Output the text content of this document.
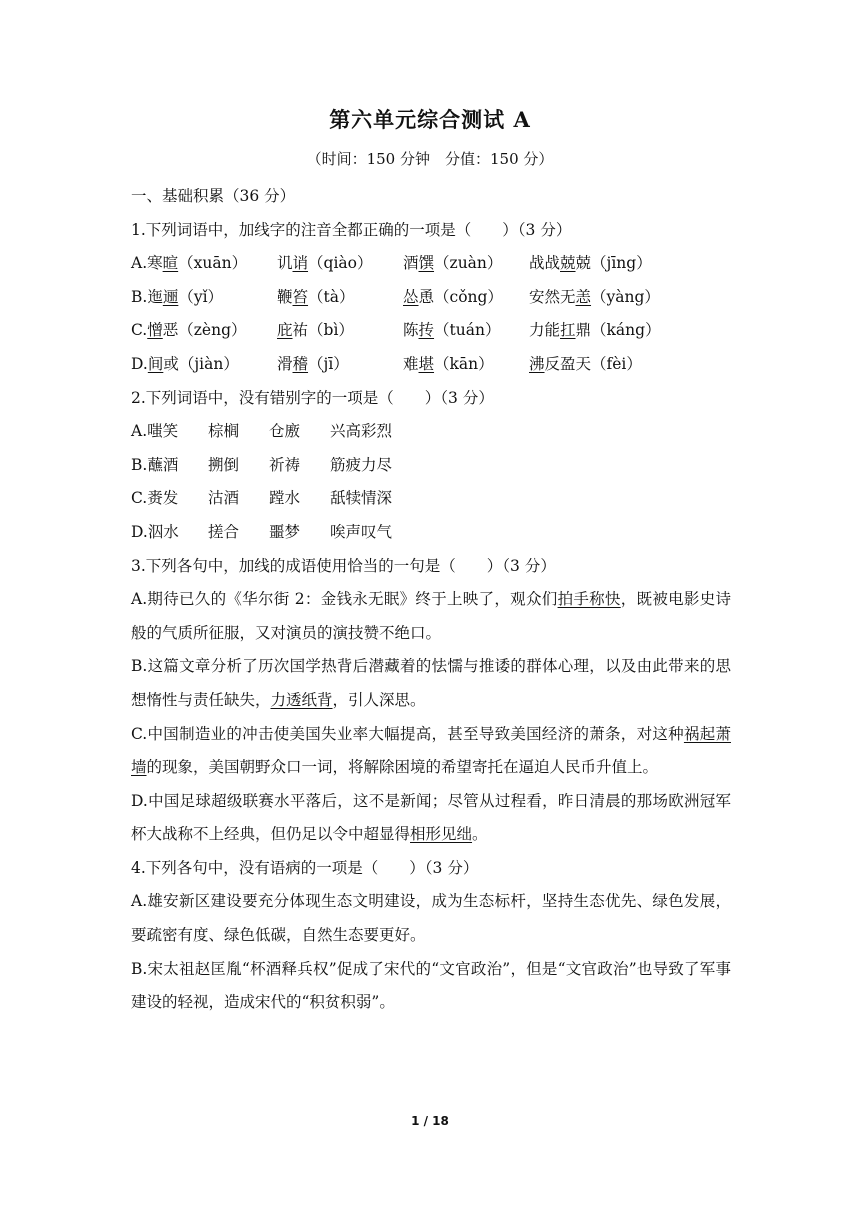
第六单元综合测试 A
（时间：150 分钟　分值：150 分）
一、基础积累（36 分）
1.下列词语中，加线字的注音全都正确的一项是（　　）（3 分）
A.寒暄（xuān） 讥诮（qiào） 酒馔（zuàn） 战战兢兢（jīng）
B.迤逦（yǐ）	鞭笞（tà）	怂恿（cǒng） 安然无恙（yàng）
C.憎恶（zèng） 庇祐（bì）	陈抟（tuán） 力能扛鼎（káng）
D.间或（jiàn） 滑稽（jī）	难堪（kān） 沸反盈天（fèi）
2.下列词语中，没有错别字的一项是（　　）（3 分）
A.嗤笑 棕榈 仓廒 兴高彩烈
B.蘸酒 搠倒 祈祷 筋疲力尽
C.赉发 沽酒 蹚水 舐犊情深
D.泅水 搓合 噩梦 唉声叹气
3.下列各句中，加线的成语使用恰当的一句是（　　）（3 分）
A.期待已久的《华尔街 2：金钱永无眠》终于上映了，观众们拍手称快，既被电影史诗般的气质所征服，又对演员的演技赞不绝口。
B.这篇文章分析了历次国学热背后潜藏着的怯懦与推诿的群体心理，以及由此带来的思想惰性与责任缺失，力透纸背，引人深思。
C.中国制造业的冲击使美国失业率大幅提高，甚至导致美国经济的萧条，对这种祸起萧墙的现象，美国朝野众口一词，将解除困境的希望寄托在逼迫人民币升值上。
D.中国足球超级联赛水平落后，这不是新闻；尽管从过程看，昨日清晨的那场欧洲冠军杯大战称不上经典，但仍足以令中超显得相形见绌。
4.下列各句中，没有语病的一项是（　　）（3 分）
A.雄安新区建设要充分体现生态文明建设，成为生态标杆，坚持生态优先、绿色发展，要疏密有度、绿色低碳，自然生态要更好。
B.宋太祖赵匡胤“杯酒释兵权”促成了宋代的“文官政治”，但是“文官政治”也导致了军事建设的轻视，造成宋代的“积贫积弱”。
1 / 18
